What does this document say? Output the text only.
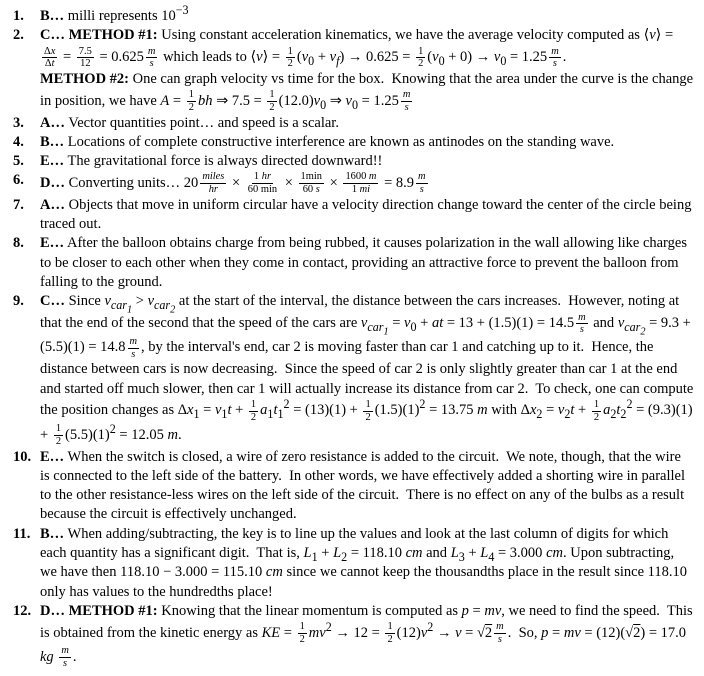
1. B… milli represents $10^{-3}$
2. C… METHOD #1: Using constant acceleration kinematics, we have the average velocity computed as ⟨v⟩ =
$\frac{\Delta x}{\Delta t} = \frac{7.5}{12} = 0.625 \frac{m}{s}$ which leads to ⟨v⟩ = $\frac{1}{2} (v_0 + v_f) \to 0.625 = \frac{1}{2} (v_0 + 0) \to v_0 = 1.25 \frac{m}{s}$ .
METHOD #2: One can graph velocity vs time for the box.  Knowing that the area under the curve is the change in position, we have $A = \frac{1}{2}$ bh ⇒ $7.5 = \frac{1}{2} (12.0)v_0$ ⇒ $v_0 = 1.25 \frac{m}{s}$
3. A… Vector quantities point… and speed is a scalar.
4. B… Locations of complete constructive interference are known as antinodes on the standing wave.
5. E… The gravitational force is always directed downward!!
6. D… Converting units… 20 miles
hr × 1 hr
60 min × 1min
60 $s \times \frac{1600 m}{1 mi} = 8.9 \frac{m}{s}$
7. A… Objects that move in uniform circular have a velocity direction change toward the center of the circle being traced out.
8. E… After the balloon obtains charge from being rubbed, it causes polarization in the wall allowing like charges to be closer to each other when they come in contact, providing an attractive force to prevent the balloon from falling to the ground.
9. C… Since $v_{car_1} > v_{car_2}$ at the start of the interval, the distance between the cars increases.  However, noting at that the end of the second that the speed of the cars are $v_{car_1} = v_0$ + at = $13 + (1.5)(1) = 14.5 \frac{m}{s}$ and $v_{car_2} = 9.3 + (5.5)(1) = 14.8 \frac{m}{s}$ , by the interval's end, car 2 is moving faster than car 1 and catching up to it.  Hence, the distance between cars is now decreasing.  Since the speed of car 2 is only slightly greater than car 1 at the end and started off much slower, then car 1 will actually increase its distance from car 2.  To check, one can compute the position changes as $\Delta x_1 = v_1t + \frac{1}{2} a_1t_1^2 = (13)(1) + \frac{1}{2} (1.5)(1)^2 = 13.75$ m with $\Delta x_2 = v_2t + \frac{1}{2} a_2t_2^2 = (9.3)(1) + \frac{1}{2} (5.5)(1)^2 = 12.05$ m.
10. E… When the switch is closed, a wire of zero resistance is added to the circuit.  We note, though, that the wire is connected to the left side of the battery.  In other words, we have effectively added a shorting wire in parallel to the other resistance-less wires on the left side of the circuit.  There is no effect on any of the bulbs as a result because the circuit is effectively unchanged.
11. B… When adding/subtracting, the key is to line up the values and look at the last column of digits for which each quantity has a significant digit.  That is, $L_1 + L_2 = 118.10$ cm and $L_3 + L_4 = 3.000$ cm. Upon subtracting, we have then 118.10 − 3.000 = 115.10 cm since we cannot keep the thousandths place in the result since 118.10 only has values to the hundredths place!
12. D… METHOD #1: Knowing that the linear momentum is computed as p = mv, we need to find the speed.  This is obtained from the kinetic energy as KE = $\frac{1}{2} mv^2 \to 12 = \frac{1}{2} (12)v^2 \to v = √2 \frac{m}{s}$ .  So, p = mv = (12)(√2) = 17.0 kg $\frac{m}{s}$ .
